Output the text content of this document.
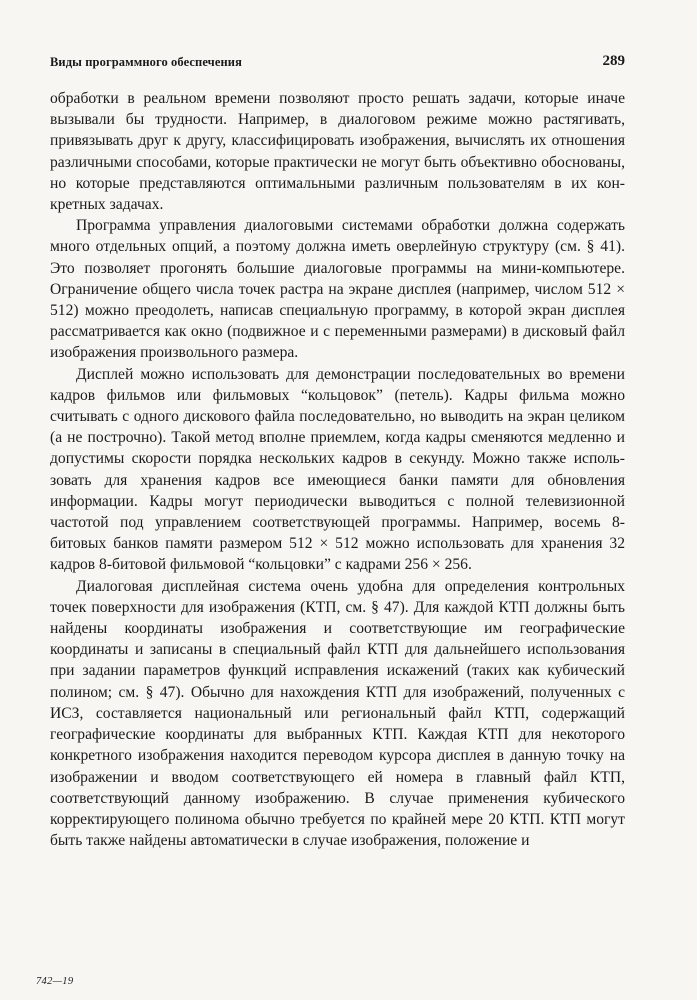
Виды программного обеспечения	289

обработки в реальном времени позволяют просто решать задачи, которые иначе вызывали бы трудности. Например, в диалоговом режиме можно растягивать, привязывать друг к другу, классифицировать изображения, вычислять их отношения различными способами, которые практически не могут быть объективно обоснованы, но которые представляются оптимальными различным пользователям в их конкретных задачах.

Программа управления диалоговыми системами обработки должна содержать много отдельных опций, а поэтому должна иметь оверлейную структуру (см. § 41). Это позволяет прогонять большие диалоговые программы на мини-компьютере. Ограничение общего числа точек растра на экране дисплея (например, числом 512 × 512) можно преодолеть, написав специальную программу, в которой экран дисплея рассматривается как окно (подвижное и с переменными размерами) в дисковый файл изображения произвольного размера.

Дисплей можно использовать для демонстрации последовательных во времени кадров фильмов или фильмовых “кольцовок” (петель). Кадры фильма можно считывать с одного дискового файла последовательно, но выводить на экран целиком (а не построчно). Такой метод вполне приемлем, когда кадры сменяются медленно и допустимы скорости порядка нескольких кадров в секунду. Можно также использовать для хранения кадров все имеющиеся банки памяти для обновления информации. Кадры могут периодически выводиться с полной телевизионной частотой под управлением соответствующей программы. Например, восемь 8-битовых банков памяти размером 512 × 512 можно использовать для хранения 32 кадров 8-битовой фильмовой “кольцовки” с кадрами 256 × 256.

Диалоговая дисплейная система очень удобна для определения контрольных точек поверхности для изображения (КТП, см. § 47). Для каждой КТП должны быть найдены координаты изображения и соответствующие им географические координаты и записаны в специальный файл КТП для дальнейшего использования при задании параметров функций исправления искажений (таких как кубический полином; см. § 47). Обычно для нахождения КТП для изображений, полученных с ИСЗ, составляется национальный или региональный файл КТП, содержащий географические координаты для выбранных КТП. Каждая КТП для некоторого конкретного изображения находится переводом курсора дисплея в данную точку на изображении и вводом соответствующего ей номера в главный файл КТП, соответствующий данному изображению. В случае применения кубического корректирующего полинома обычно требуется по крайней мере 20 КТП. КТП могут быть также найдены автоматически в случае изображения, положение и

742—19
